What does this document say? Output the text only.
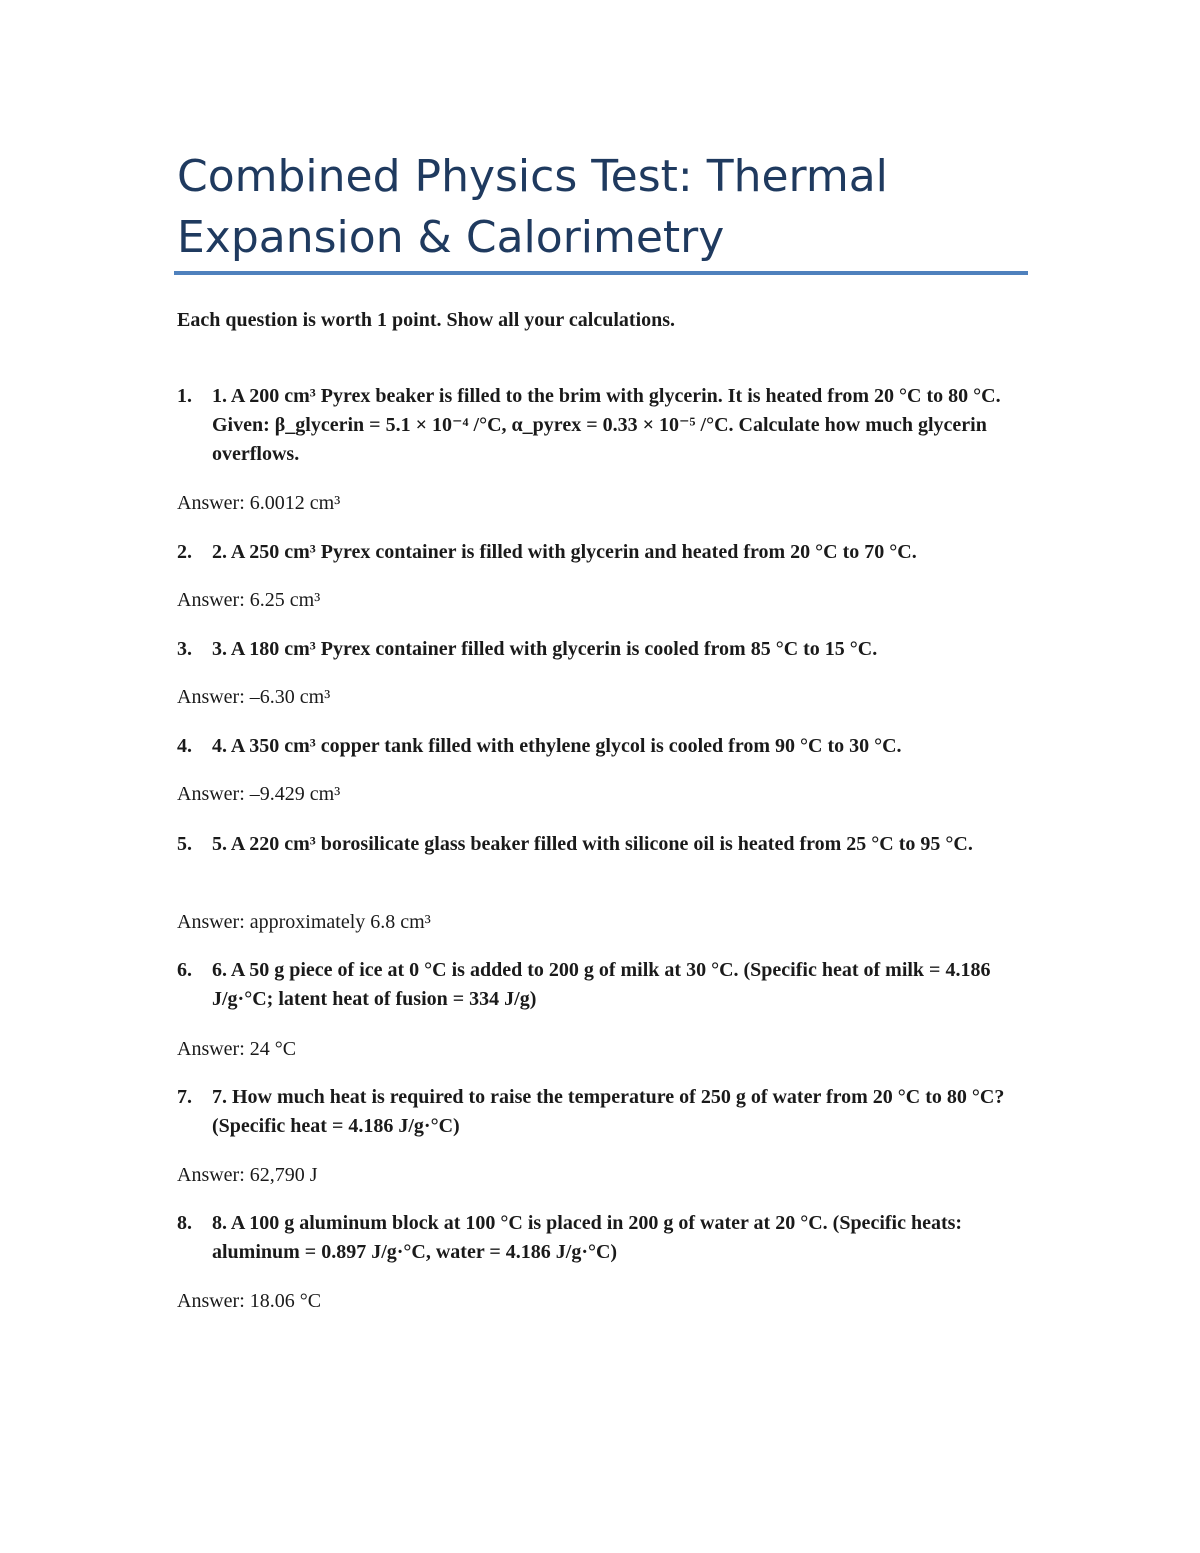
Combined Physics Test: Thermal
Expansion & Calorimetry

Each question is worth 1 point. Show all your calculations.

1.	1. A 200 cm³ Pyrex beaker is filled to the brim with glycerin. It is heated from 20 °C to 80 °C. Given: β_glycerin = 5.1 × 10⁻⁴ /°C, α_pyrex = 0.33 × 10⁻⁵ /°C. Calculate how much glycerin overflows.

Answer: 6.0012 cm³

2.	2. A 250 cm³ Pyrex container is filled with glycerin and heated from 20 °C to 70 °C.

Answer: 6.25 cm³

3.	3. A 180 cm³ Pyrex container filled with glycerin is cooled from 85 °C to 15 °C.

Answer: –6.30 cm³

4.	4. A 350 cm³ copper tank filled with ethylene glycol is cooled from 90 °C to 30 °C.

Answer: –9.429 cm³

5.	5. A 220 cm³ borosilicate glass beaker filled with silicone oil is heated from 25 °C to 95 °C.

Answer: approximately 6.8 cm³

6.	6. A 50 g piece of ice at 0 °C is added to 200 g of milk at 30 °C. (Specific heat of milk = 4.186 J/g·°C; latent heat of fusion = 334 J/g)

Answer: 24 °C

7.	7. How much heat is required to raise the temperature of 250 g of water from 20 °C to 80 °C? (Specific heat = 4.186 J/g·°C)

Answer: 62,790 J

8.	8. A 100 g aluminum block at 100 °C is placed in 200 g of water at 20 °C. (Specific heats: aluminum = 0.897 J/g·°C, water = 4.186 J/g·°C)

Answer: 18.06 °C
